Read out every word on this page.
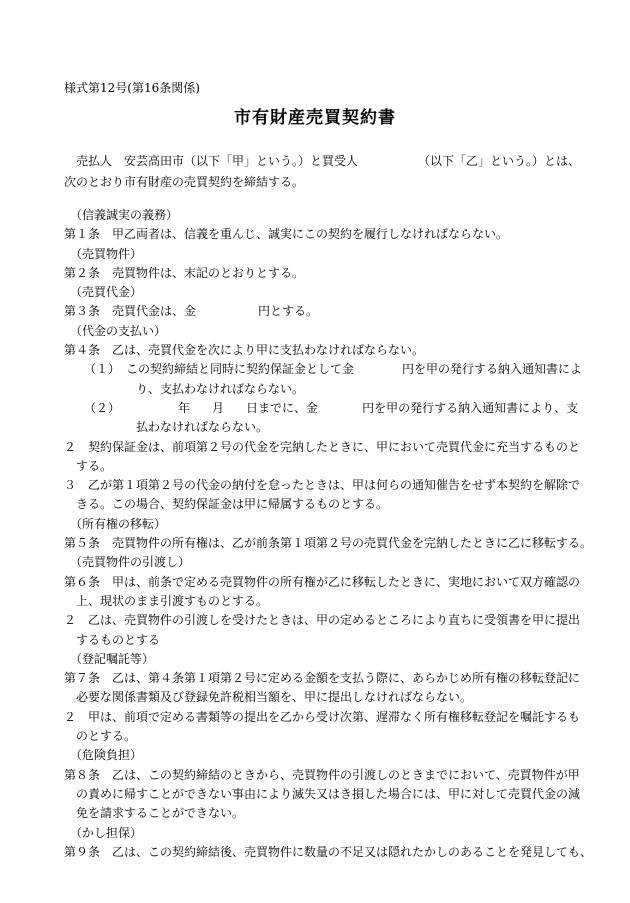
様式第12号(第16条関係)
市有財産売買契約書
売払人　安芸高田市（以下「甲」という。）と買受人	（以下「乙」という。）とは、
次のとおり市有財産の売買契約を締結する。
（信義誠実の義務）
第１条　甲乙両者は、信義を重んじ、誠実にこの契約を履行しなければならない。
（売買物件）
第２条　売買物件は、末記のとおりとする。
（売買代金）
第３条　売買代金は、金	円とする。
（代金の支払い）
第４条　乙は、売買代金を次により甲に支払わなければならない。
（１）　この契約締結と同時に契約保証金として金	円を甲の発行する納入通知書によ
り、支払わなければならない。
（２）	年 月 日までに、金	円を甲の発行する納入通知書により、支
払わなければならない。
２　契約保証金は、前項第２号の代金を完納したときに、甲において売買代金に充当するものと
する。
３　乙が第１項第２号の代金の納付を怠ったときは、甲は何らの通知催告をせず本契約を解除で
きる。この場合、契約保証金は甲に帰属するものとする。
（所有権の移転）
第５条　売買物件の所有権は、乙が前条第１項第２号の売買代金を完納したときに乙に移転する。
（売買物件の引渡し）
第６条　甲は、前条で定める売買物件の所有権が乙に移転したときに、実地において双方確認の
上、現状のまま引渡すものとする。
２　乙は、売買物件の引渡しを受けたときは、甲の定めるところにより直ちに受領書を甲に提出
するものとする
（登記嘱託等）
第７条　乙は、第４条第１項第２号に定める金額を支払う際に、あらかじめ所有権の移転登記に
必要な関係書類及び登録免許税相当額を、甲に提出しなければならない。
２　甲は、前項で定める書類等の提出を乙から受け次第、遅滞なく所有権移転登記を嘱託するも
のとする。
（危険負担）
第８条　乙は、この契約締結のときから、売買物件の引渡しのときまでにおいて、売買物件が甲
の責めに帰すことができない事由により滅失又はき損した場合には、甲に対して売買代金の減
免を請求することができない。
（かし担保）
第９条　乙は、この契約締結後、売買物件に数量の不足又は隠れたかしのあることを発見しても、
